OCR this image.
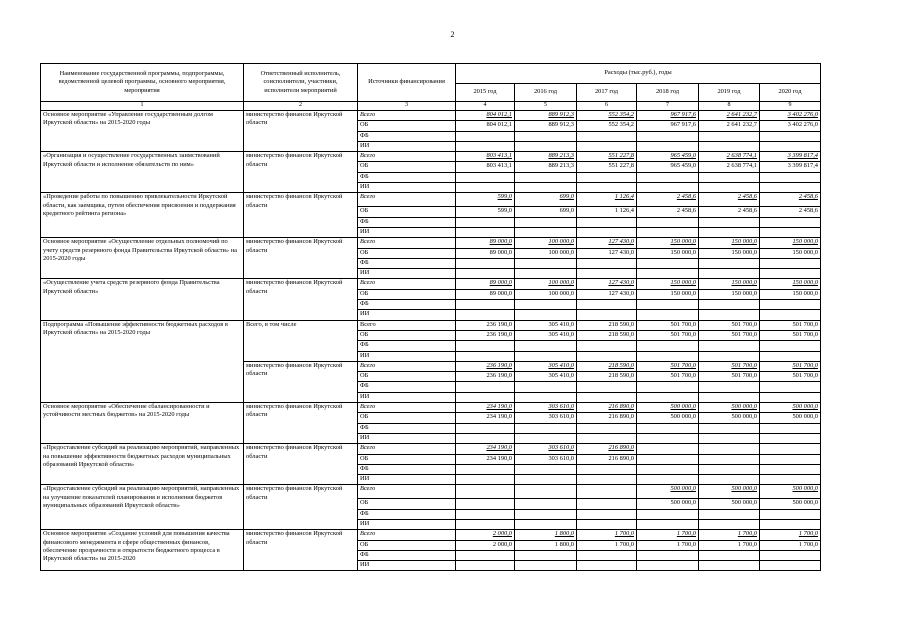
2
Наименование государственной программы, подпрограммы, ведомственной целевой программы, основного мероприятия, мероприятия	Ответственный исполнитель, соисполнители, участники, исполнители мероприятий	Источники финансирования	Расходы (тыс.руб.), годы					
			2015 год	2016 год	2017 год	2018 год	2019 год	2020 год
1	2	3	4	5	6	7	8	9
Основное мероприятие «Управление государственным долгом Иркутской области» на 2015-2020 годы	министерство финансов Иркутской области	Всего	804 012,1	889 912,3	552 354,2	967 917,6	2 641 232,7	3 402 276,0
		ОБ	804 012,1	889 912,3	552 354,2	967 917,6	2 641 232,7	3 402 276,0
		ФБ						
		ИИ						
«Организация и осуществление государственных заимствований Иркутской области и исполнение обязательств по ним»	министерство финансов Иркутской области	Всего	803 413,1	889 213,3	551 227,8	965 459,0	2 638 774,1	3 399 817,4
		ОБ	803 413,1	889 213,3	551 227,8	965 459,0	2 638 774,1	3 399 817,4
		ФБ						
		ИИ						
«Проведение работы по повышению привлекательности Иркутской области, как заемщика, путем обеспечения присвоения и поддержания кредитного рейтинга региона»	министерство финансов Иркутской области	Всего	599,0	699,0	1 126,4	2 458,6	2 458,6	2 458,6
		ОБ	599,0	699,0	1 126,4	2 458,6	2 458,6	2 458,6
		ФБ						
		ИИ						
Основное мероприятие «Осуществление отдельных полномочий по учету средств резервного фонда Правительства Иркутской области» на 2015-2020 годы	министерство финансов Иркутской области	Всего	89 000,0	100 000,0	127 430,0	150 000,0	150 000,0	150 000,0
		ОБ	89 000,0	100 000,0	127 430,0	150 000,0	150 000,0	150 000,0
		ФБ						
		ИИ						
«Осуществление учета средств резервного фонда Правительства Иркутской области»	министерство финансов Иркутской области	Всего	89 000,0	100 000,0	127 430,0	150 000,0	150 000,0	150 000,0
		ОБ	89 000,0	100 000,0	127 430,0	150 000,0	150 000,0	150 000,0
		ФБ						
		ИИ						
Подпрограмма «Повышение эффективности бюджетных расходов в Иркутской области» на 2015-2020 годы	Всего, в том числе	Всего	236 190,0	305 410,0	218 590,0	501 700,0	501 700,0	501 700,0
		ОБ	236 190,0	305 410,0	218 590,0	501 700,0	501 700,0	501 700,0
		ФБ						
		ИИ						
	министерство финансов Иркутской области	Всего	236 190,0	305 410,0	218 590,0	501 700,0	501 700,0	501 700,0
		ОБ	236 190,0	305 410,0	218 590,0	501 700,0	501 700,0	501 700,0
		ФБ						
		ИИ						
Основное мероприятие «Обеспечение сбалансированности и устойчивости местных бюджетов» на 2015-2020 годы	министерство финансов Иркутской области	Всего	234 190,0	303 610,0	216 890,0	500 000,0	500 000,0	500 000,0
		ОБ	234 190,0	303 610,0	216 890,0	500 000,0	500 000,0	500 000,0
		ФБ						
		ИИ						
«Предоставление субсидий на реализацию мероприятий, направленных на повышение эффективности бюджетных расходов муниципальных образований Иркутской области»	министерство финансов Иркутской области	Всего	234 190,0	303 610,0	216 890,0			
		ОБ	234 190,0	303 610,0	216 890,0			
		ФБ						
		ИИ						
«Предоставление субсидий на реализацию мероприятий, направленных на улучшение показателей планирования и исполнения бюджетов муниципальных образований Иркутской области»	министерство финансов Иркутской области	Всего				500 000,0	500 000,0	500 000,0
		ОБ				500 000,0	500 000,0	500 000,0
		ФБ						
		ИИ						
Основное мероприятие «Создание условий для повышения качества финансового менеджмента в сфере общественных финансов, обеспечение прозрачности и открытости бюджетного процесса в Иркутской области» на 2015-2020	министерство финансов Иркутской области	Всего	2 000,0	1 800,0	1 700,0	1 700,0	1 700,0	1 700,0
		ОБ	2 000,0	1 800,0	1 700,0	1 700,0	1 700,0	1 700,0
		ФБ						
		ИИ						
